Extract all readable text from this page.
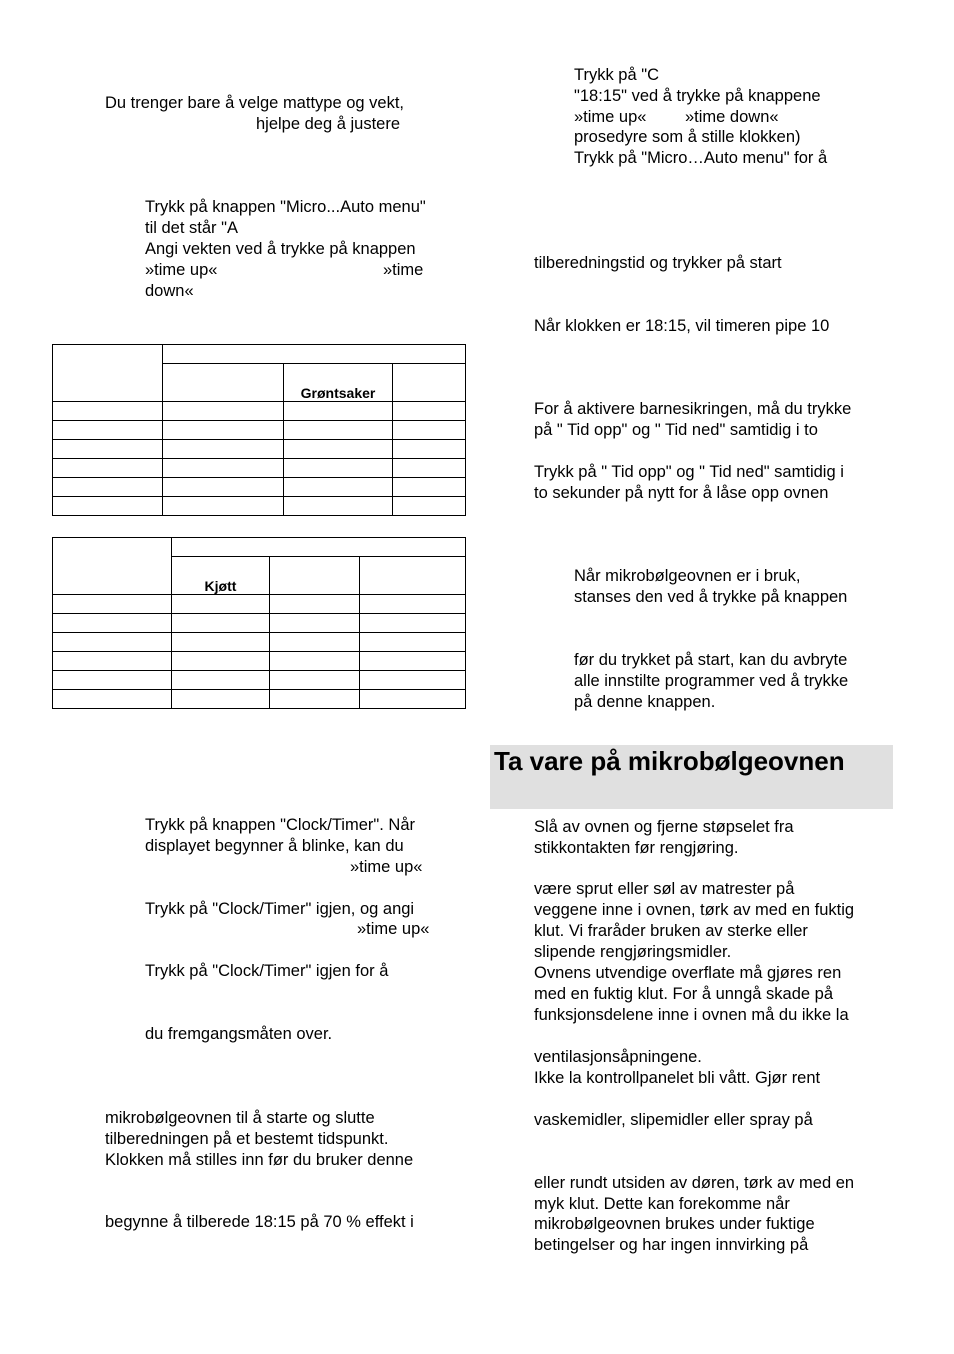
Du trenger bare å velge mattype og vekt,
hjelpe deg å justere
Trykk på knappen "Micro...Auto menu"
til det står "A
Angi vekten ved å trykke på knappen
»time up«	»time
down«

		Grøntsaker	

	Kjøtt		

Trykk på knappen "Clock/Timer". Når
displayet begynner å blinke, kan du
»time up«
Trykk på "Clock/Timer" igjen, og angi
»time up«
Trykk på "Clock/Timer" igjen for å
du fremgangsmåten over.
mikrobølgeovnen til å starte og slutte
tilberedningen på et bestemt tidspunkt.
Klokken må stilles inn før du bruker denne
begynne å tilberede 18:15 på 70 % effekt i
Trykk på "C
"18:15" ved å trykke på knappene
»time up« »time down«
prosedyre som å stille klokken)
Trykk på "Micro…Auto menu" for å
tilberedningstid og trykker på start
Når klokken er 18:15, vil timeren pipe 10
For å aktivere barnesikringen, må du trykke
på " Tid opp" og " Tid ned" samtidig i to
Trykk på " Tid opp" og " Tid ned" samtidig i
to sekunder på nytt for å låse opp ovnen
Når mikrobølgeovnen er i bruk,
stanses den ved å trykke på knappen
før du trykket på start, kan du avbryte
alle innstilte programmer ved å trykke
på denne knappen.
Ta vare på mikrobølgeovnen
Slå av ovnen og fjerne støpselet fra
stikkontakten før rengjøring.
være sprut eller søl av matrester på
veggene inne i ovnen, tørk av med en fuktig
klut. Vi fraråder bruken av sterke eller
slipende rengjøringsmidler.
Ovnens utvendige overflate må gjøres ren
med en fuktig klut. For å unngå skade på
funksjonsdelene inne i ovnen må du ikke la
ventilasjonsåpningene.
Ikke la kontrollpanelet bli vått. Gjør rent
vaskemidler, slipemidler eller spray på
eller rundt utsiden av døren, tørk av med en
myk klut. Dette kan forekomme når
mikrobølgeovnen brukes under fuktige
betingelser og har ingen innvirking på
